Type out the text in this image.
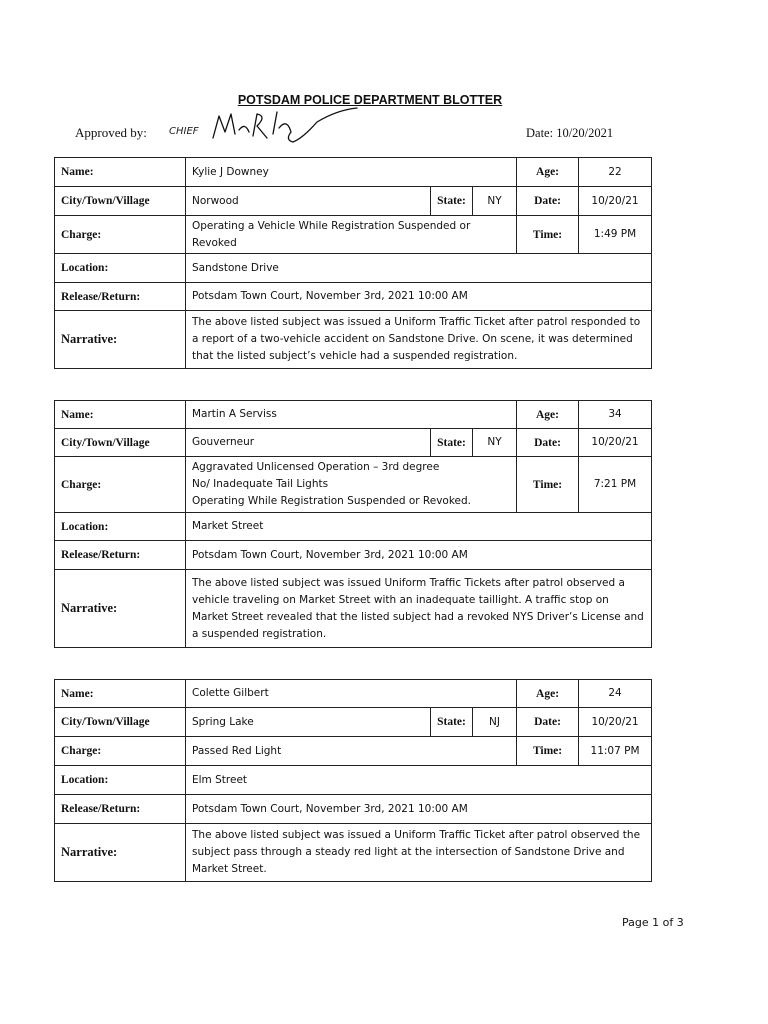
POTSDAM POLICE DEPARTMENT BLOTTER
Approved by: CHIEF	Date: 10/20/2021
Name:	Kylie J Downey			Age:	22
City/Town/Village	Norwood	State:	NY	Date:	10/20/21
Charge:	Operating a Vehicle While Registration Suspended or Revoked			Time:	1:49 PM
Location:	Sandstone Drive				
Release/Return:	Potsdam Town Court, November 3rd, 2021 10:00 AM				
Narrative:	The above listed subject was issued a Uniform Traffic Ticket after patrol responded to a report of a two-vehicle accident on Sandstone Drive. On scene, it was determined that the listed subject’s vehicle had a suspended registration.				
Name:	Martin A Serviss			Age:	34
City/Town/Village	Gouverneur	State:	NY	Date:	10/20/21
Charge:	Aggravated Unlicensed Operation – 3rd degree
No/ Inadequate Tail Lights
Operating While Registration Suspended or Revoked.			Time:	7:21 PM
Location:	Market Street				
Release/Return:	Potsdam Town Court, November 3rd, 2021 10:00 AM				
Narrative:	The above listed subject was issued Uniform Traffic Tickets after patrol observed a vehicle traveling on Market Street with an inadequate taillight. A traffic stop on Market Street revealed that the listed subject had a revoked NYS Driver’s License and a suspended registration.				
Name:	Colette Gilbert			Age:	24
City/Town/Village	Spring Lake	State:	NJ	Date:	10/20/21
Charge:	Passed Red Light			Time:	11:07 PM
Location:	Elm Street				
Release/Return:	Potsdam Town Court, November 3rd, 2021 10:00 AM				
Narrative:	The above listed subject was issued a Uniform Traffic Ticket after patrol observed the subject pass through a steady red light at the intersection of Sandstone Drive and Market Street.				
Page 1 of 3
